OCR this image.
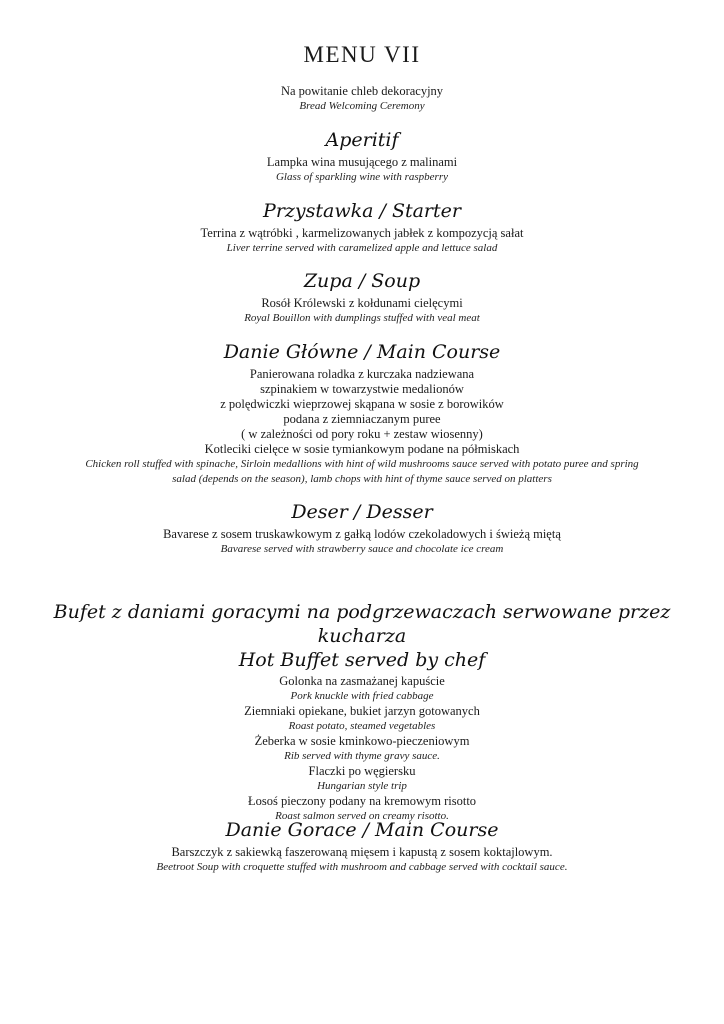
MENU VII
Na powitanie chleb dekoracyjny
Bread Welcoming Ceremony
Aperitif
Lampka wina musującego z malinami
Glass of sparkling wine with raspberry
Przystawka / Starter
Terrina z wątróbki , karmelizowanych jabłek z kompozycją sałat
Liver terrine served with caramelized apple and lettuce salad
Zupa / Soup
Rosół Królewski z kołdunami cielęcymi
Royal Bouillon with dumplings stuffed with veal meat
Danie Główne / Main Course
Panierowana roladka z kurczaka nadziewana
szpinakiem w towarzystwie medalionów
z polędwiczki wieprzowej skąpana w sosie z borowików
podana z ziemniaczanym puree
( w zależności od pory roku + zestaw wiosenny)
Kotleciki cielęce w sosie tymiankowym podane na półmiskach
Chicken roll stuffed with spinache, Sirloin medallions with hint of wild mushrooms sauce served with potato puree and spring
salad (depends on the season), lamb chops with hint of thyme sauce served on platters
Deser / Desser
Bavarese z sosem truskawkowym z gałką lodów czekoladowych i świeżą miętą
Bavarese served with strawberry sauce and chocolate ice cream
Bufet z daniami goracymi na podgrzewaczach serwowane przez kucharza
Hot Buffet served by chef
Golonka na zasmażanej kapuście
Pork knuckle with fried cabbage
Ziemniaki opiekane, bukiet jarzyn gotowanych
Roast potato, steamed vegetables
Żeberka w sosie kminkowo-pieczeniowym
Rib served with thyme gravy sauce.
Flaczki po węgiersku
Hungarian style trip
Łosoś pieczony podany na kremowym risotto
Roast salmon served on creamy risotto.
Danie Gorace / Main Course
Barszczyk z sakiewką faszerowaną mięsem i kapustą z sosem koktajlowym.
Beetroot Soup with croquette stuffed with mushroom and cabbage served with cocktail sauce.
